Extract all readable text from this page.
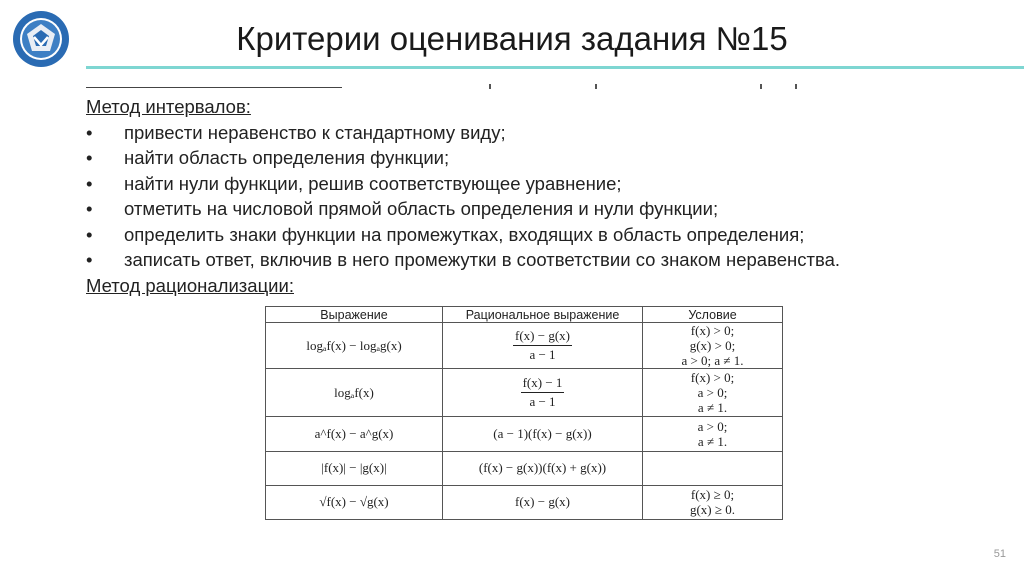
Критерии оценивания задания №15
Метод интервалов:
•	привести неравенство к стандартному виду;
•	найти область определения функции;
•	найти нули функции, решив соответствующее уравнение;
•	отметить на числовой прямой область определения и нули функции;
•	определить знаки функции на промежутках, входящих в область определения;
•	записать ответ, включив в него промежутки в соответствии со знаком неравенства.
Метод рационализации:
Выражение	Рациональное выражение	Условие
logₐf(x) − logₐg(x)	$\frac{f(x) - g(x)}{a - 1}$	f(x) > 0;
g(x) > 0;
a > 0; a ≠ 1.

logₐf(x)	$\frac{f(x) - 1}{a - 1}$	f(x) > 0;
a > 0;
a ≠ 1.

a^f(x) − a^g(x)	(a − 1)(f(x) − g(x))	a > 0;
a ≠ 1.

|f(x)| − |g(x)|	(f(x) − g(x))(f(x) + g(x))	
√f(x) − √g(x)	f(x) − g(x)	f(x) ≥ 0;
g(x) ≥ 0.
51
